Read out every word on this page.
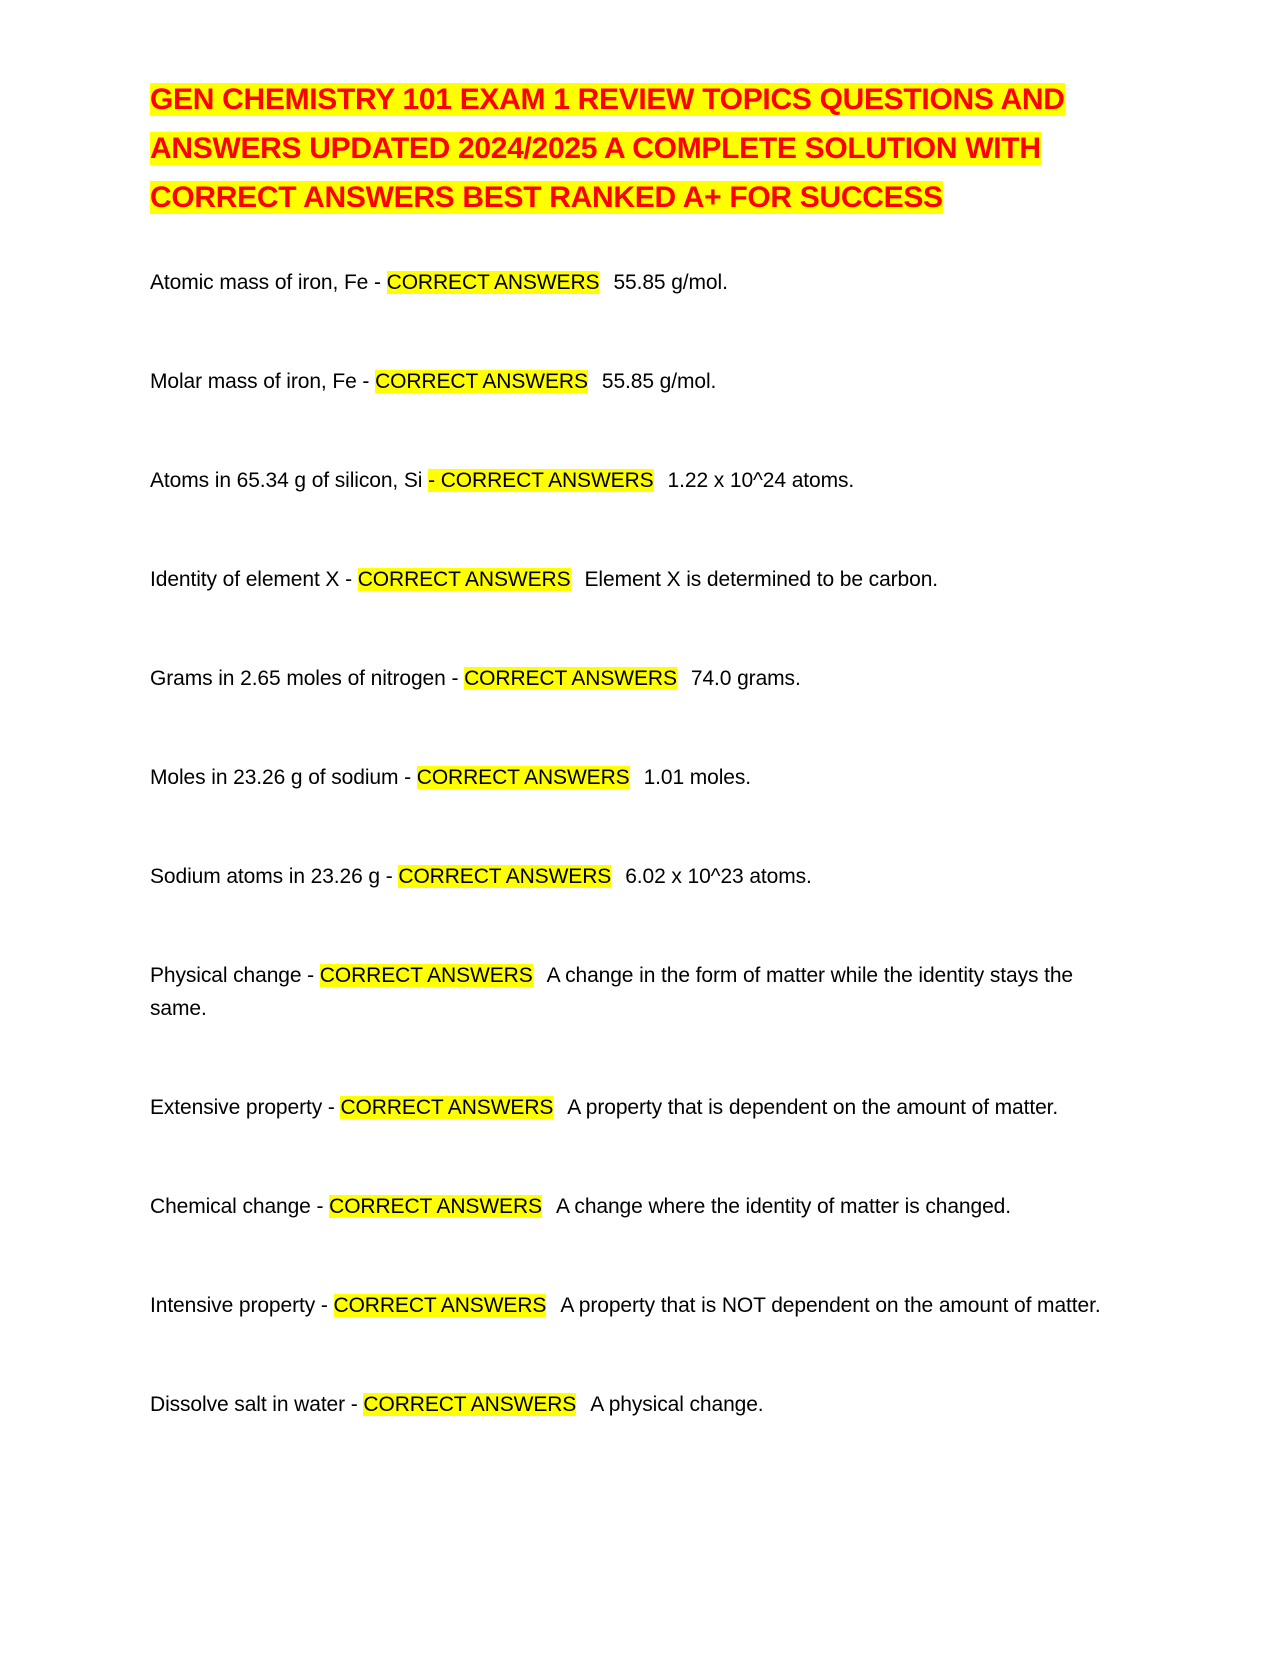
GEN CHEMISTRY 101 EXAM 1 REVIEW TOPICS QUESTIONS AND ANSWERS UPDATED 2024/2025 A COMPLETE SOLUTION WITH CORRECT ANSWERS BEST RANKED A+ FOR SUCCESS

Atomic mass of iron, Fe - CORRECT ANSWERS 55.85 g/mol.

Molar mass of iron, Fe - CORRECT ANSWERS 55.85 g/mol.

Atoms in 65.34 g of silicon, Si - CORRECT ANSWERS 1.22 x 10^24 atoms.

Identity of element X - CORRECT ANSWERS Element X is determined to be carbon.

Grams in 2.65 moles of nitrogen - CORRECT ANSWERS 74.0 grams.

Moles in 23.26 g of sodium - CORRECT ANSWERS 1.01 moles.

Sodium atoms in 23.26 g - CORRECT ANSWERS 6.02 x 10^23 atoms.

Physical change - CORRECT ANSWERS A change in the form of matter while the identity stays the same.

Extensive property - CORRECT ANSWERS A property that is dependent on the amount of matter.

Chemical change - CORRECT ANSWERS A change where the identity of matter is changed.

Intensive property - CORRECT ANSWERS A property that is NOT dependent on the amount of matter.

Dissolve salt in water - CORRECT ANSWERS A physical change.
